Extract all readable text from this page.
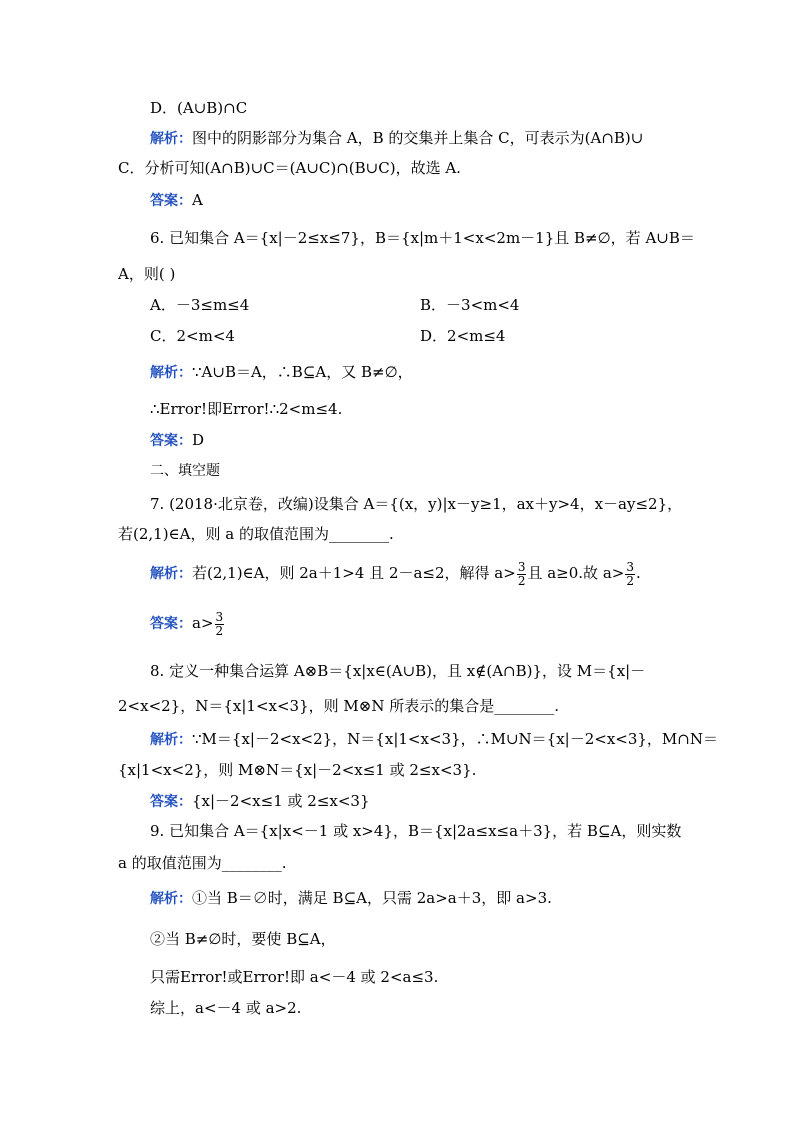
D．(A∪B)∩C
解析：图中的阴影部分为集合 A，B 的交集并上集合 C，可表示为(A∩B)∪
C．分析可知(A∩B)∪C＝(A∪C)∩(B∪C)，故选 A.
答案：A
6. 已知集合 A＝{x|－2≤x≤7}，B＝{x|m＋1<x<2m－1}且 B≠∅，若 A∪B＝
A，则( )
A．－3≤m≤4	B．－3<m<4
C．2<m<4	D．2<m≤4
解析：∵A∪B＝A，∴B⊆A，又 B≠∅，
∴Error!即Error!∴2<m≤4.
答案：D
二、填空题
7. (2018·北京卷，改编)设集合 A＝{(x，y)|x－y≥1，ax＋y>4，x－ay≤2}，
若(2,1)∈A，则 a 的取值范围为________.
解析：若(2,1)∈A，则 2a＋1>4 且 2－a≤2，解得 $a> \frac{3}{2}$ 且 a≥0.故 $a> \frac{3}{2}$ .
答案：$a> \frac{3}{2}$
8. 定义一种集合运算 A⊗B＝{x|x∈(A∪B)，且 x∉(A∩B)}，设 M＝{x|－
2<x<2}，N＝{x|1<x<3}，则 M⊗N 所表示的集合是________.
解析：∵M＝{x|－2<x<2}，N＝{x|1<x<3}，∴M∪N＝{x|－2<x<3}，M∩N＝
{x|1<x<2}，则 M⊗N＝{x|－2<x≤1 或 2≤x<3}.
答案：{x|－2<x≤1 或 2≤x<3}
9. 已知集合 A＝{x|x<－1 或 x>4}，B＝{x|2a≤x≤a＋3}，若 B⊆A，则实数
a 的取值范围为________.
解析：①当 B＝∅时，满足 B⊆A，只需 2a>a＋3，即 a>3.
②当 B≠∅时，要使 B⊆A，
只需Error!或Error!即 a<－4 或 2<a≤3.
综上，a<－4 或 a>2.
